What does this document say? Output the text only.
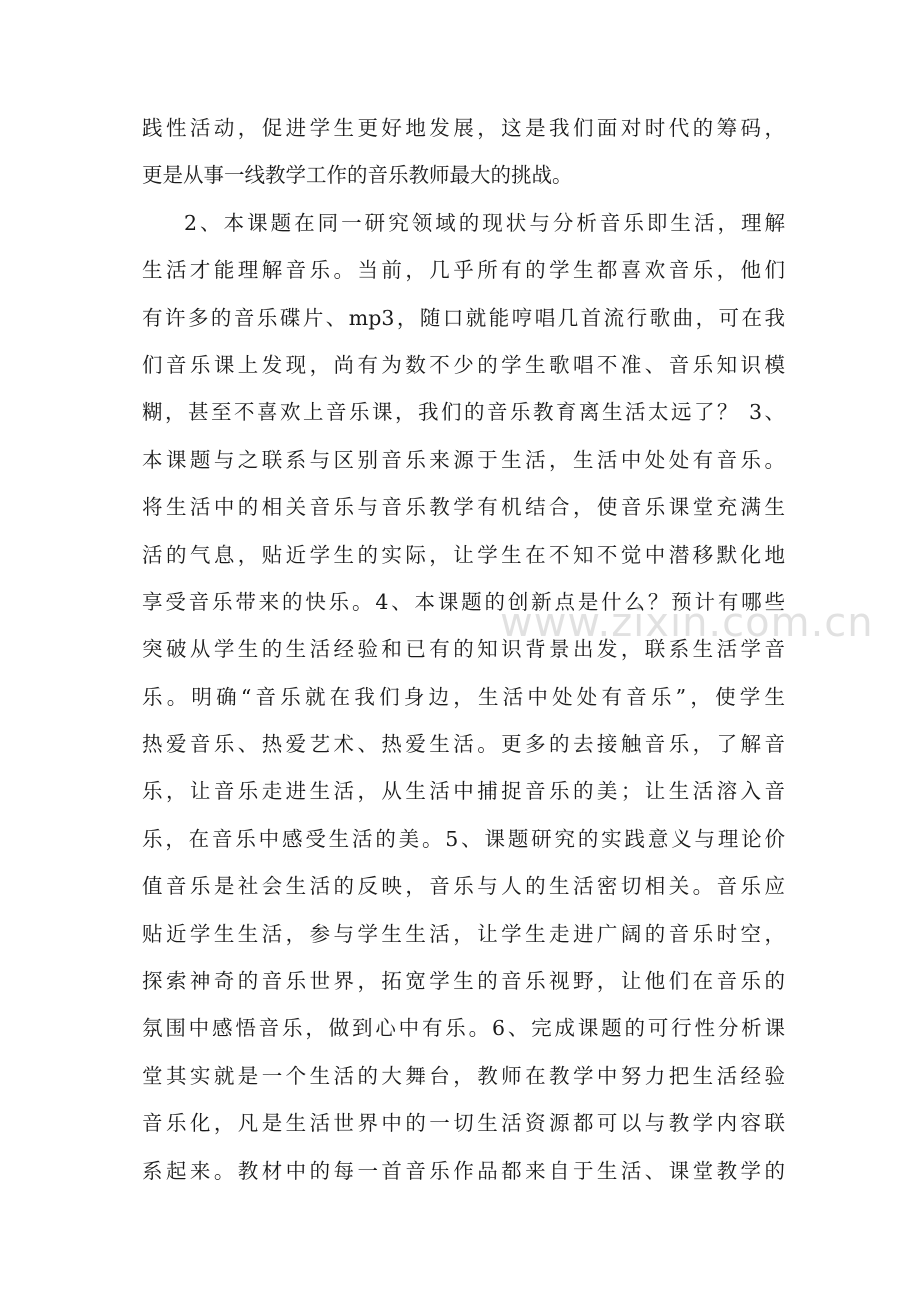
践性活动，促进学生更好地发展，这是我们面对时代的筹码，
更是从事一线教学工作的音乐教师最大的挑战。
2、本课题在同一研究领域的现状与分析音乐即生活，理解
生活才能理解音乐。当前，几乎所有的学生都喜欢音乐，他们
有许多的音乐碟片、mp3，随口就能哼唱几首流行歌曲，可在我
们音乐课上发现，尚有为数不少的学生歌唱不准、音乐知识模
糊，甚至不喜欢上音乐课，我们的音乐教育离生活太远了？ 3、
本课题与之联系与区别音乐来源于生活，生活中处处有音乐。
将生活中的相关音乐与音乐教学有机结合，使音乐课堂充满生
活的气息，贴近学生的实际，让学生在不知不觉中潜移默化地
享受音乐带来的快乐。4、本课题的创新点是什么？预计有哪些
突破从学生的生活经验和已有的知识背景出发，联系生活学音
乐。明确“音乐就在我们身边，生活中处处有音乐”，使学生
热爱音乐、热爱艺术、热爱生活。更多的去接触音乐，了解音
乐，让音乐走进生活，从生活中捕捉音乐的美；让生活溶入音
乐，在音乐中感受生活的美。5、课题研究的实践意义与理论价
值音乐是社会生活的反映，音乐与人的生活密切相关。音乐应
贴近学生生活，参与学生生活，让学生走进广阔的音乐时空，
探索神奇的音乐世界，拓宽学生的音乐视野，让他们在音乐的
氛围中感悟音乐，做到心中有乐。6、完成课题的可行性分析课
堂其实就是一个生活的大舞台，教师在教学中努力把生活经验
音乐化，凡是生活世界中的一切生活资源都可以与教学内容联
系起来。教材中的每一首音乐作品都来自于生活、课堂教学的
www.zixin.com.cn
